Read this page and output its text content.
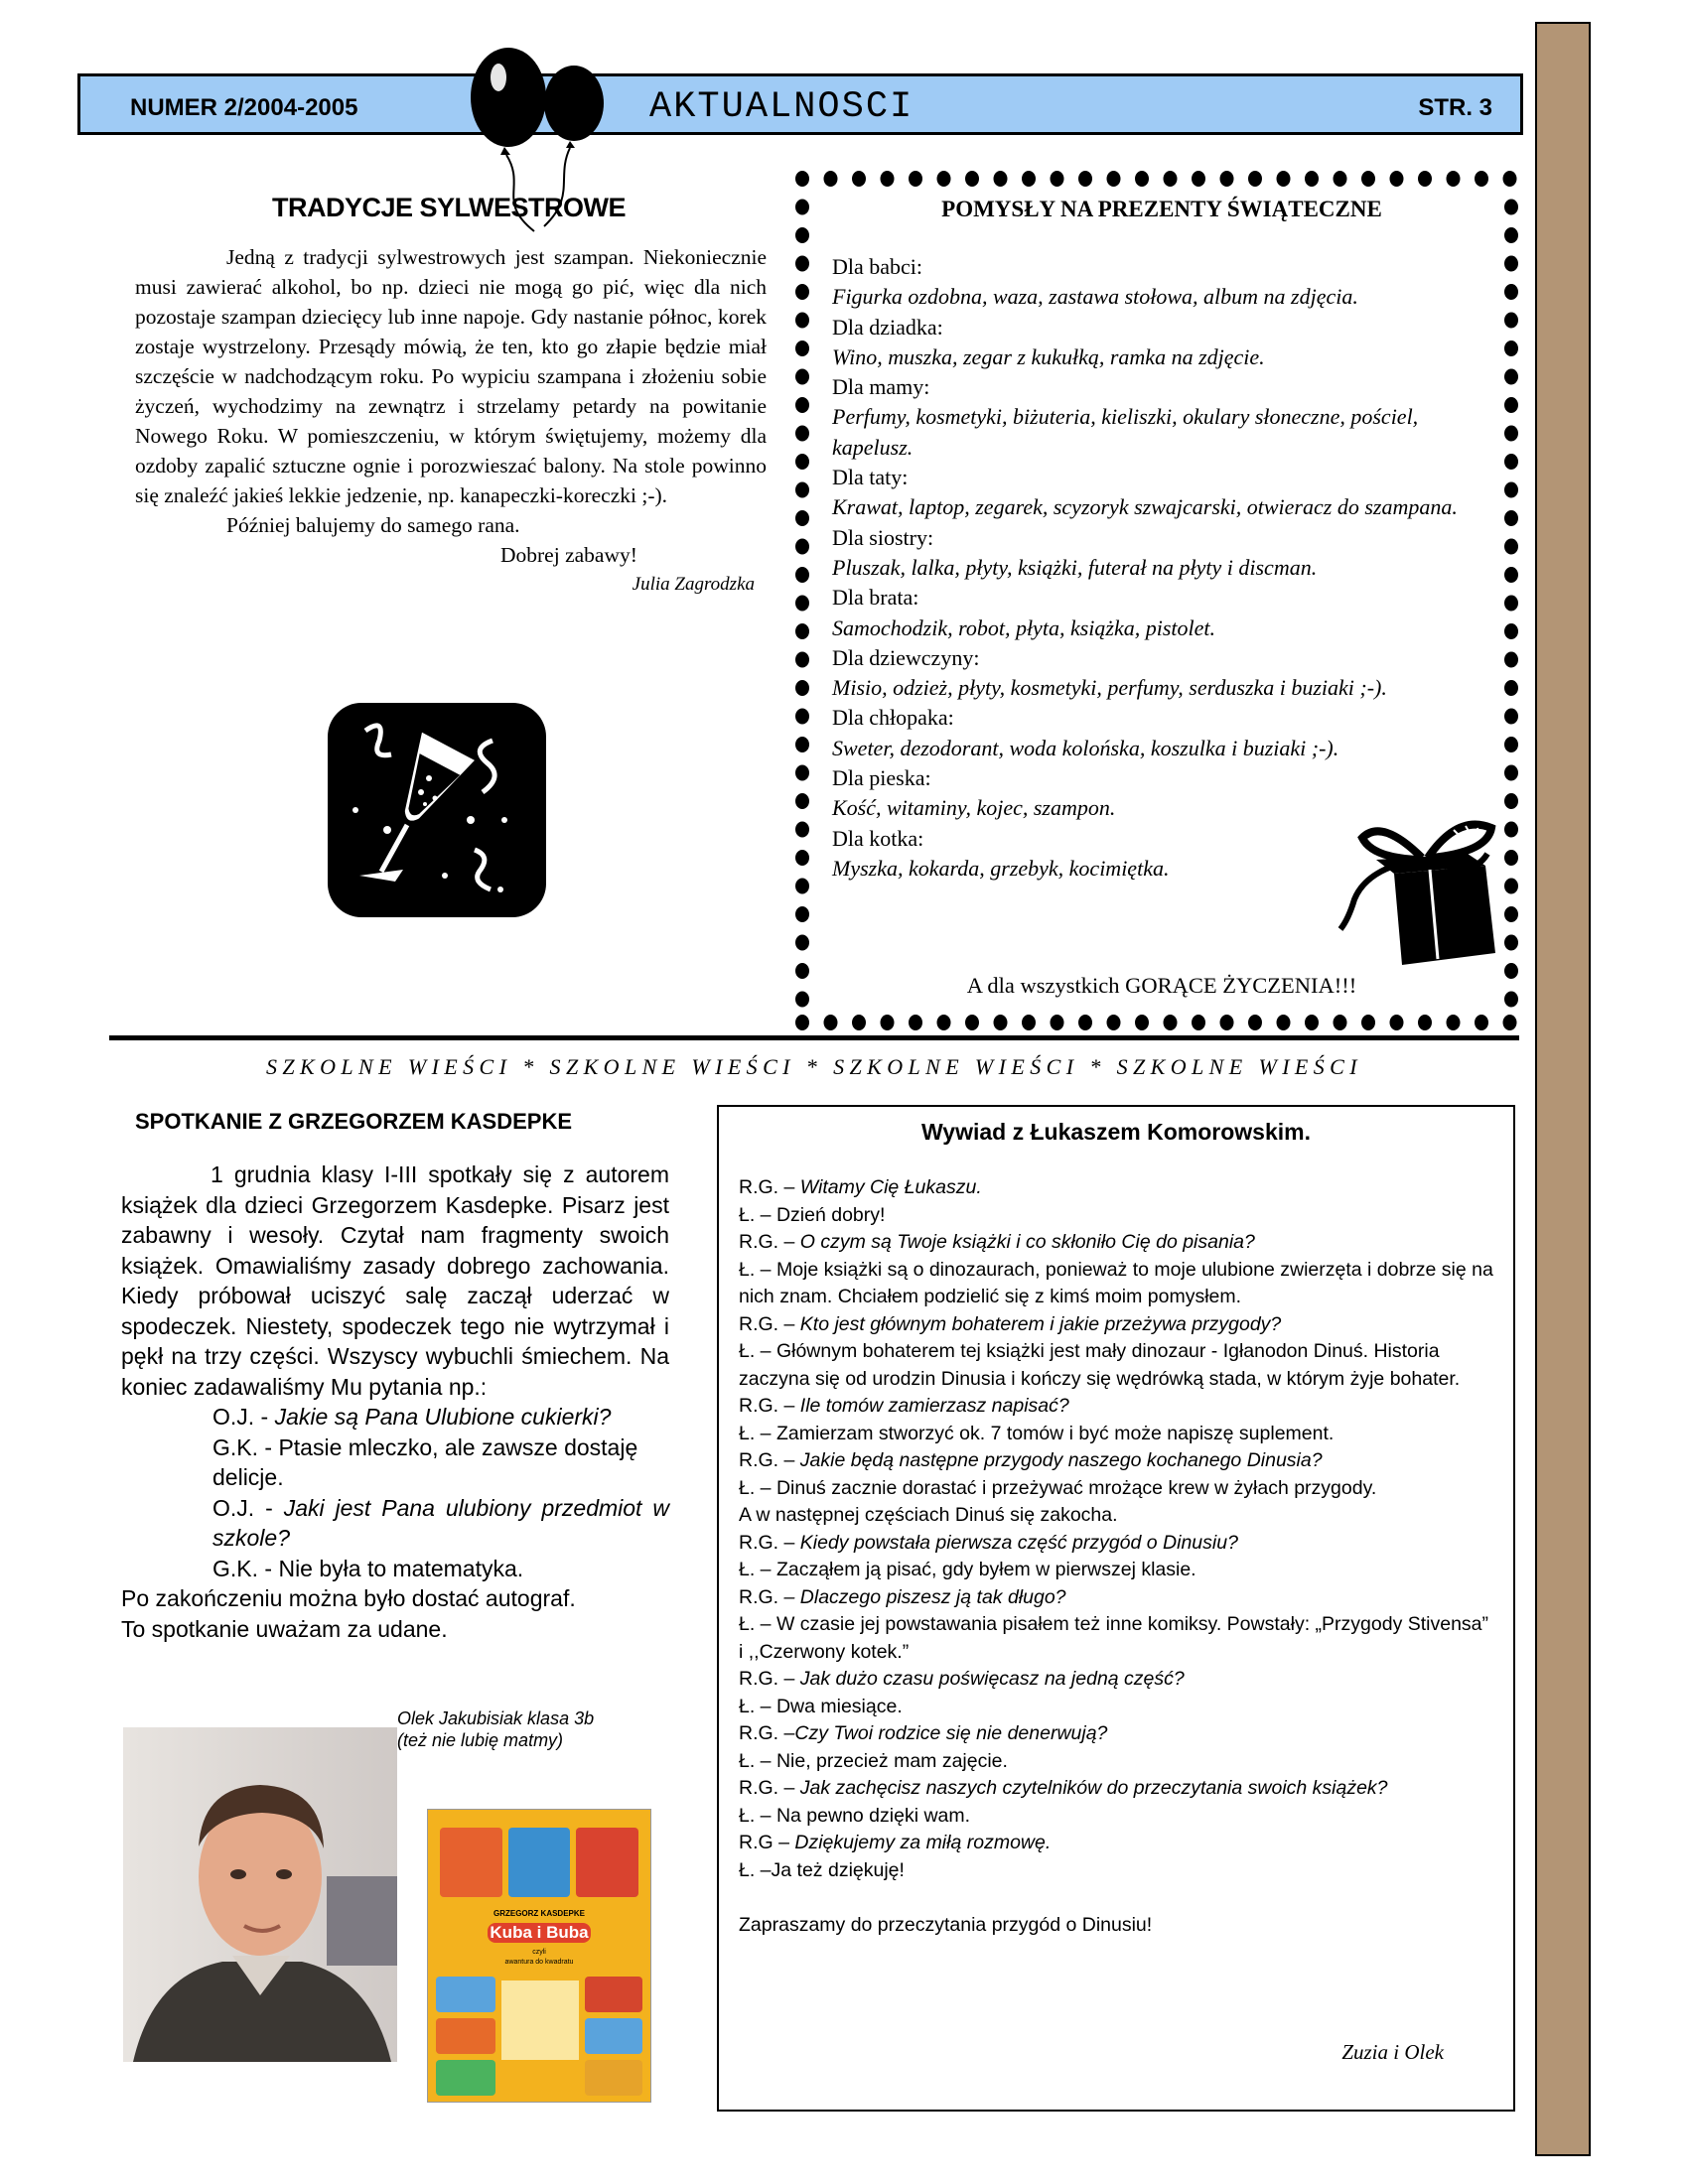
NUMER 2/2004-2005	AKTUALNOSCI	STR. 3
TRADYCJE SYLWESTROWE
Jedną z tradycji sylwestrowych jest szampan. Niekoniecznie musi zawierać alkohol, bo np. dzieci nie mogą go pić, więc dla nich pozostaje szampan dziecięcy lub inne napoje. Gdy nastanie północ, korek zostaje wystrzelony. Przesądy mówią, że ten, kto go złapie będzie miał szczęście w nadchodzącym roku. Po wypiciu szampana i złożeniu sobie życzeń, wychodzimy na zewnątrz i strzelamy petardy na powitanie Nowego Roku. W pomieszczeniu, w którym świętujemy, możemy dla ozdoby zapalić sztuczne ognie i porozwieszać balony. Na stole powinno się znaleźć jakieś lekkie jedzenie, np. kanapeczki-koreczki ;-).
Później balujemy do samego rana.
Dobrej zabawy!
Julia Zagrodzka
POMYSŁY NA PREZENTY ŚWIĄTECZNE
Dla babci:
Figurka ozdobna, waza, zastawa stołowa, album na zdjęcia.
Dla dziadka:
Wino, muszka, zegar z kukułką, ramka na zdjęcie.
Dla mamy:
Perfumy, kosmetyki, biżuteria, kieliszki, okulary słoneczne, pościel, kapelusz.
Dla taty:
Krawat, laptop, zegarek, scyzoryk szwajcarski, otwieracz do szampana.
Dla siostry:
Pluszak, lalka, płyty, książki, futerał na płyty i discman.
Dla brata:
Samochodzik, robot, płyta, książka, pistolet.
Dla dziewczyny:
Misio, odzież, płyty, kosmetyki, perfumy, serduszka i buziaki ;-).
Dla chłopaka:
Sweter, dezodorant, woda kolońska, koszulka i buziaki ;-).
Dla pieska:
Kość, witaminy, kojec, szampon.
Dla kotka:
Myszka, kokarda, grzebyk, kocimiętka.
A dla wszystkich GORĄCE ŻYCZENIA!!!
SZKOLNE WIEŚCI * SZKOLNE WIEŚCI * SZKOLNE WIEŚCI * SZKOLNE WIEŚCI
SPOTKANIE Z GRZEGORZEM KASDEPKE
1 grudnia klasy I-III spotkały się z autorem książek dla dzieci Grzegorzem Kasdepke. Pisarz jest zabawny i wesoły. Czytał nam fragmenty swoich książek. Omawialiśmy zasady dobrego zachowania. Kiedy próbował uciszyć salę zaczął uderzać w spodeczek. Niestety, spodeczek tego nie wytrzymał i pękł na trzy części. Wszyscy wybuchli śmiechem. Na koniec zadawaliśmy Mu pytania np.:
O.J. - Jakie są Pana Ulubione cukierki?
G.K. - Ptasie mleczko, ale zawsze dostaję delicje.
O.J. - Jaki jest Pana ulubiony przedmiot w szkole?
G.K. - Nie była to matematyka.
Po zakończeniu można było dostać autograf.
To spotkanie uważam za udane.
Olek Jakubisiak klasa 3b
(też nie lubię matmy)
GRZEGORZ KASDEPKE
Kuba i Buba
czyli
awantura do kwadratu
Wywiad z Łukaszem Komorowskim.
R.G. – Witamy Cię Łukaszu.
Ł. – Dzień dobry!
R.G. – O czym są Twoje książki i co skłoniło Cię do pisania?
Ł. – Moje książki są o dinozaurach, ponieważ to moje ulubione zwierzęta i dobrze się na nich znam. Chciałem podzielić się z kimś moim pomysłem.
R.G. – Kto jest głównym bohaterem i jakie przeżywa przygody?
Ł. – Głównym bohaterem tej książki jest mały dinozaur - Igłanodon Dinuś. Historia zaczyna się od urodzin Dinusia i kończy się wędrówką stada, w którym żyje bohater.
R.G. – Ile tomów zamierzasz napisać?
Ł. – Zamierzam stworzyć ok. 7 tomów i być może napiszę suplement.
R.G. – Jakie będą następne przygody naszego kochanego Dinusia?
Ł. – Dinuś zacznie dorastać i przeżywać mrożące krew w żyłach przygody.
A w następnej częściach Dinuś się zakocha.
R.G. – Kiedy powstała pierwsza część przygód o Dinusiu?
Ł. – Zacząłem ją pisać, gdy byłem w pierwszej klasie.
R.G. – Dlaczego piszesz ją tak długo?
Ł. – W czasie jej powstawania pisałem też inne komiksy. Powstały: „Przygody Stivensa” i ,,Czerwony kotek.”
R.G. – Jak dużo czasu poświęcasz na jedną część?
Ł. – Dwa miesiące.
R.G. –Czy Twoi rodzice się nie denerwują?
Ł. – Nie, przecież mam zajęcie.
R.G. – Jak zachęcisz naszych czytelników do przeczytania swoich książek?
Ł. – Na pewno dzięki wam.
R.G – Dziękujemy za miłą rozmowę.
Ł. –Ja też dziękuję!

Zapraszamy do przeczytania przygód o Dinusiu!
Zuzia i Olek
